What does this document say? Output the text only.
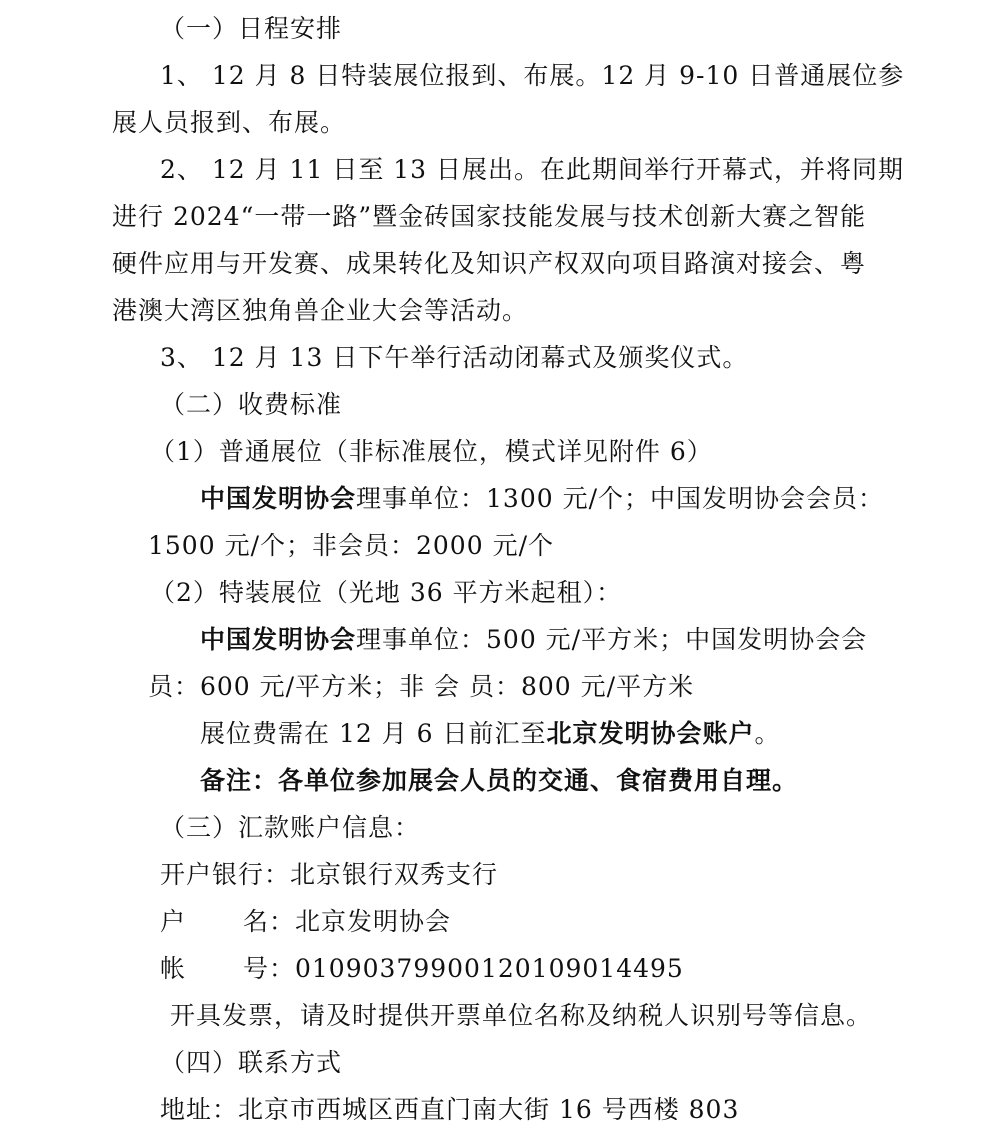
（一）日程安排

1、 12 月 8 日特装展位报到、布展。12 月 9-10 日普通展位参

展人员报到、布展。

2、 12 月 11 日至 13 日展出。在此期间举行开幕式，并将同期

进行 2024“一带一路”暨金砖国家技能发展与技术创新大赛之智能

硬件应用与开发赛、成果转化及知识产权双向项目路演对接会、粤

港澳大湾区独角兽企业大会等活动。

3、 12 月 13 日下午举行活动闭幕式及颁奖仪式。

（二）收费标准

（1）普通展位（非标准展位，模式详见附件 6）

中国发明协会理事单位：1300 元/个；中国发明协会会员：

1500 元/个；非会员：2000 元/个

（2）特装展位（光地 36 平方米起租）：

中国发明协会理事单位：500 元/平方米；中国发明协会会

员：600 元/平方米；非 会 员：800 元/平方米

展位费需在 12 月 6 日前汇至北京发明协会账户。

备注：各单位参加展会人员的交通、食宿费用自理。

（三）汇款账户信息：

开户银行：北京银行双秀支行

户 名：北京发明协会

帐 号：01090379900120109014495

开具发票，请及时提供开票单位名称及纳税人识别号等信息。

（四）联系方式

地址：北京市西城区西直门南大街 16 号西楼 803
